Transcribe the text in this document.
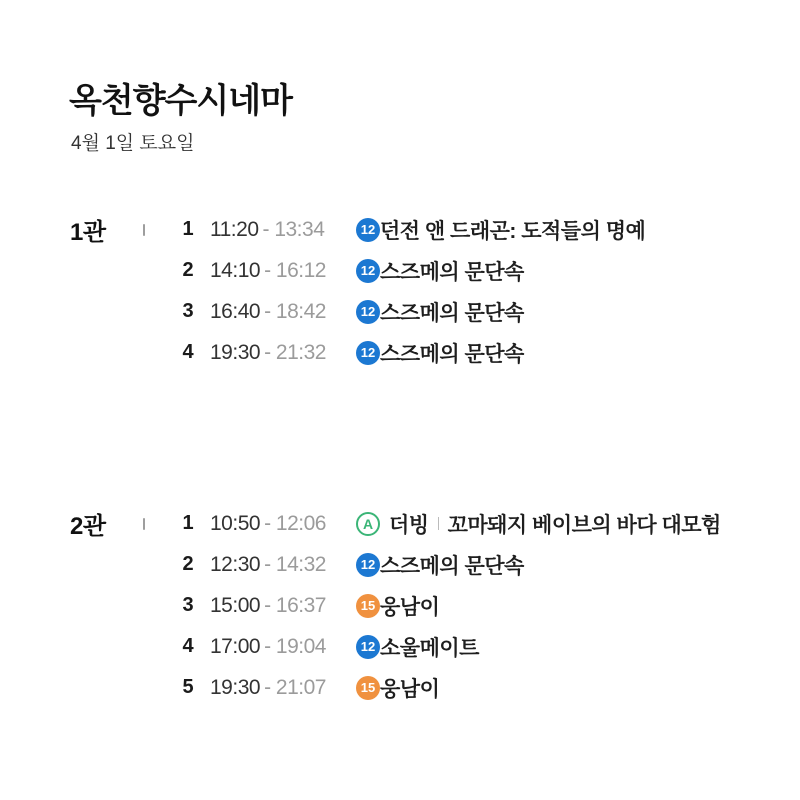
옥천향수시네마
4월 1일 토요일
1관	1 11:20 - 13:34	12 던전 앤 드래곤: 도적들의 명예
2 14:10 - 16:12	12 스즈메의 문단속
3 16:40 - 18:42	12 스즈메의 문단속
4 19:30 - 21:32	12 스즈메의 문단속
2관	1 10:50 - 12:06	A 더빙 꼬마돼지 베이브의 바다 대모험
2 12:30 - 14:32	12 스즈메의 문단속
3 15:00 - 16:37	15 웅남이
4 17:00 - 19:04	12 소울메이트
5 19:30 - 21:07	15 웅남이
